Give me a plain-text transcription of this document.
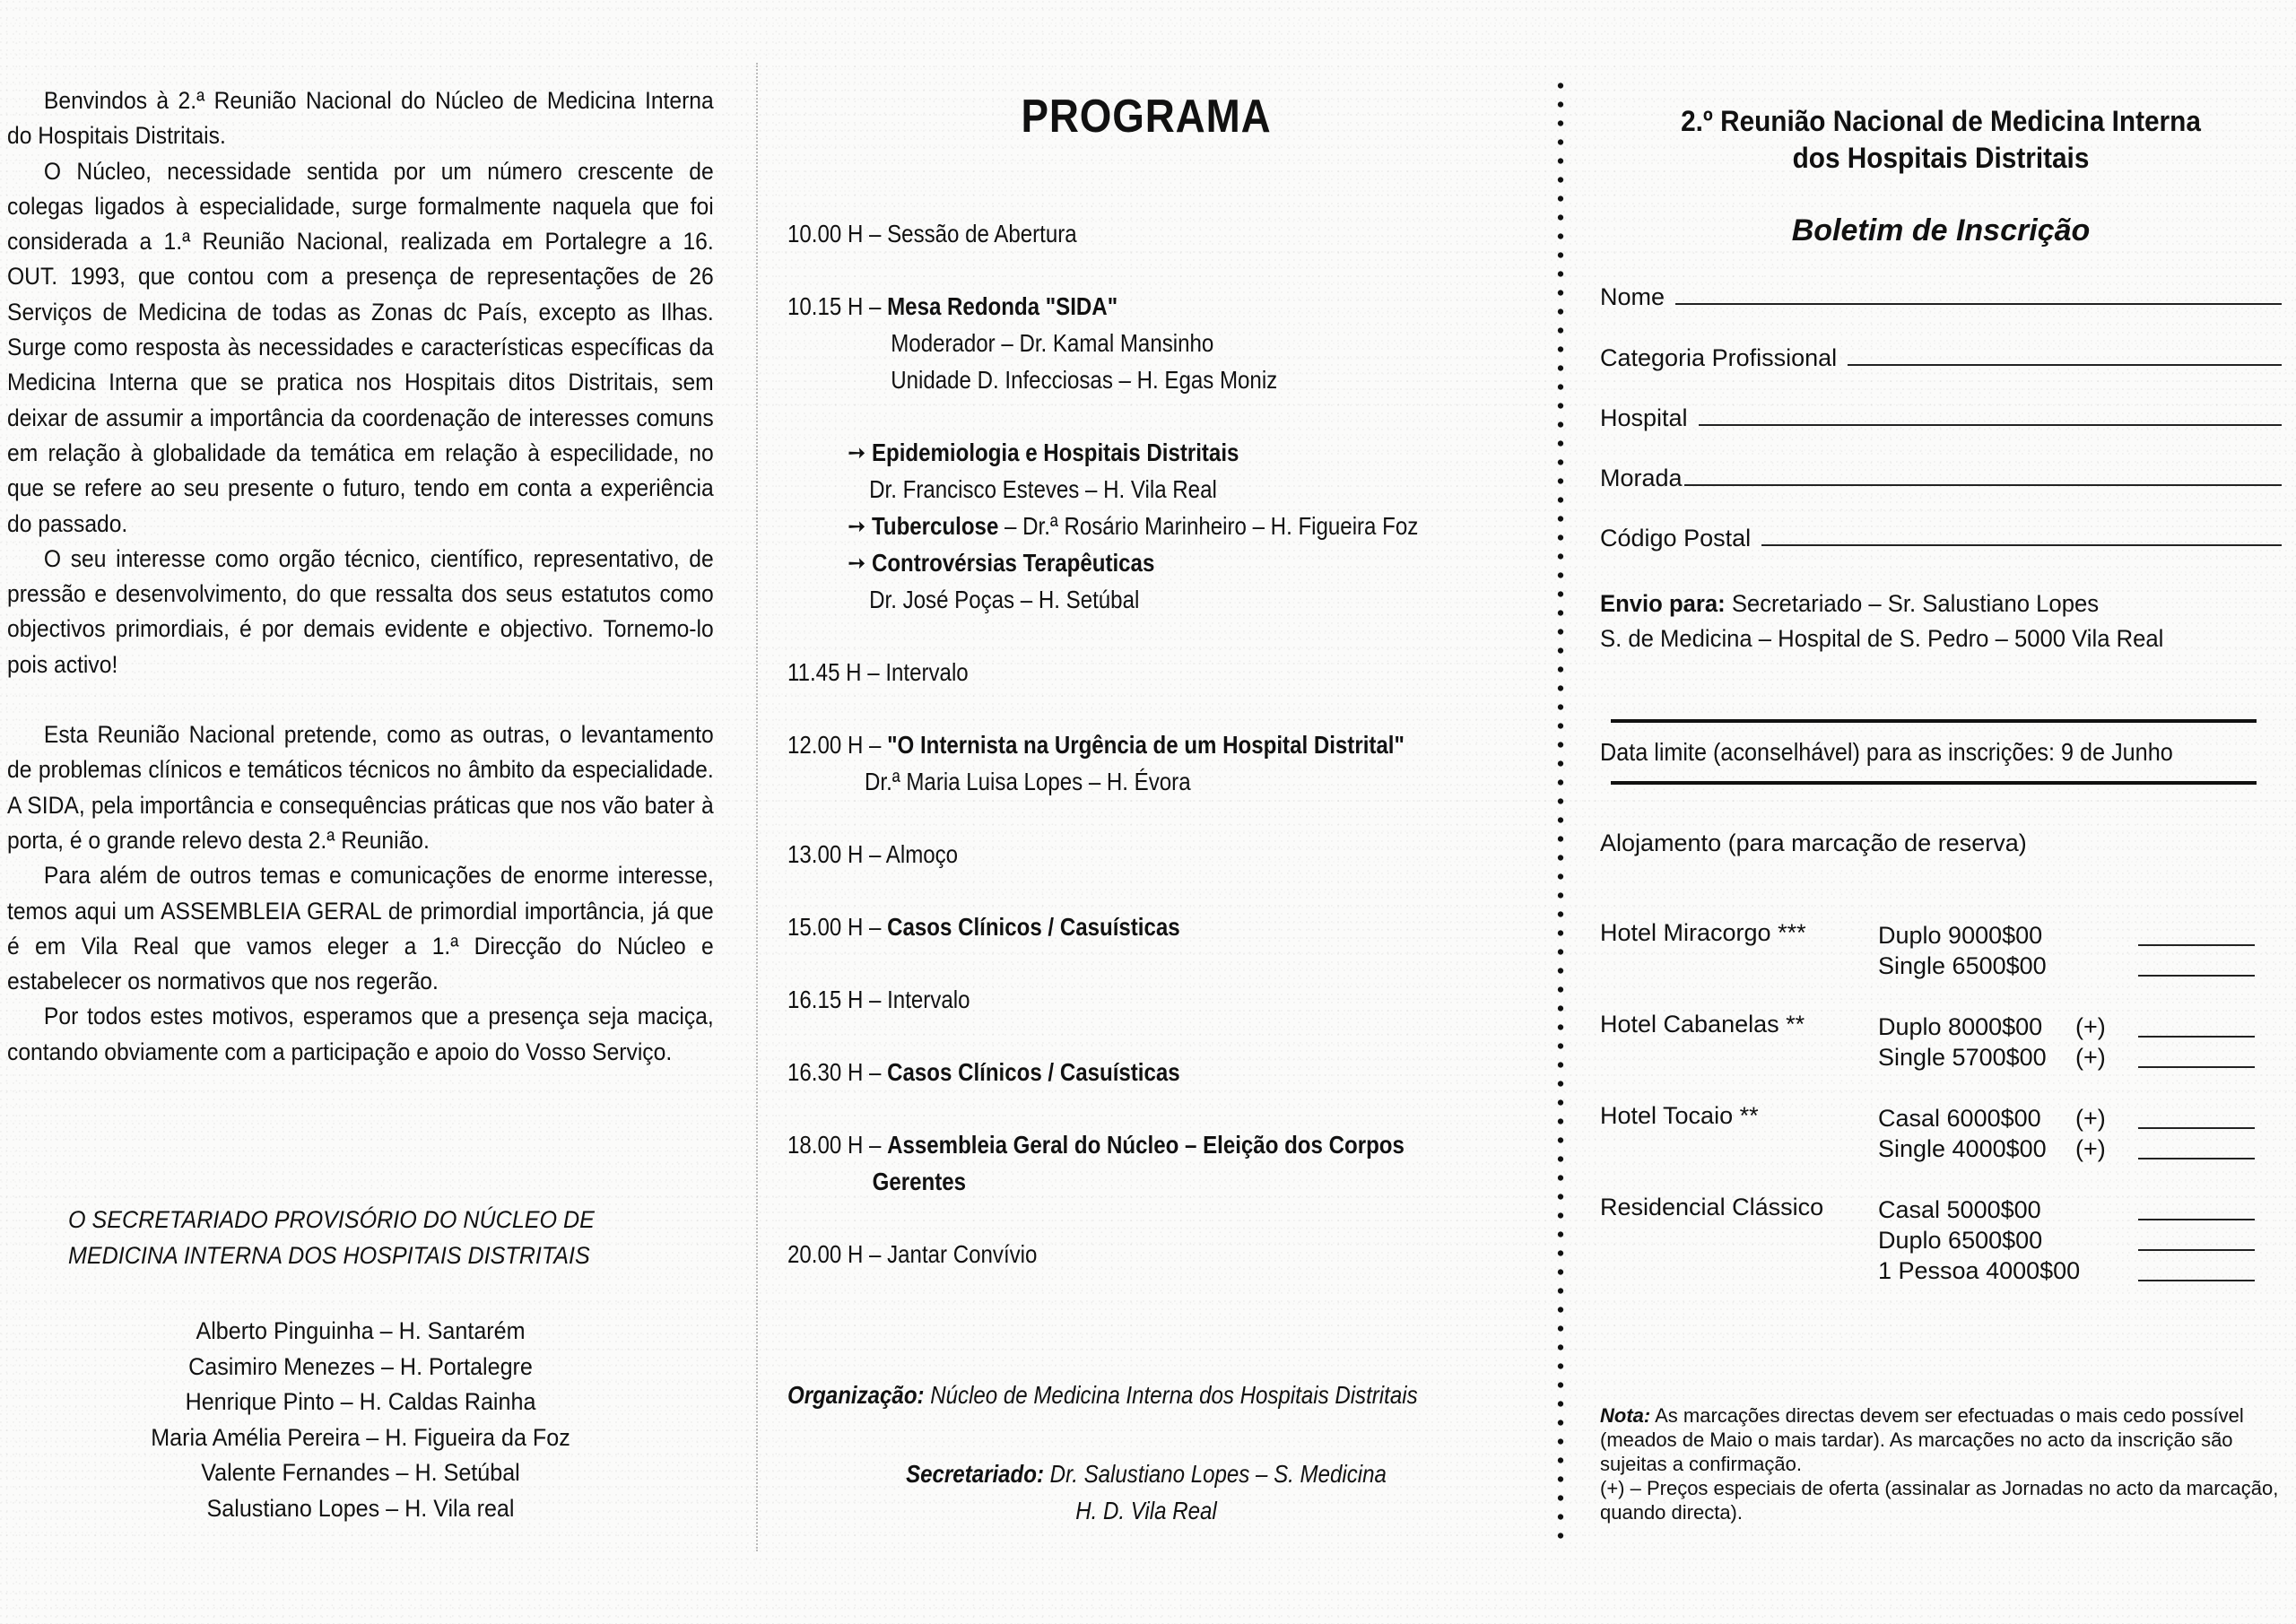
Benvindos à 2.ª Reunião Nacional do Núcleo de Medicina Interna do Hospitais Distritais.

O Núcleo, necessidade sentida por um número crescente de colegas ligados à especialidade, surge formalmente naquela que foi considerada a 1.ª Reunião Nacional, realizada em Portalegre a 16. OUT. 1993, que contou com a presença de representações de 26 Serviços de Medicina de todas as Zonas dc País, excepto as Ilhas. Surge como resposta às necessidades e características específicas da Medicina Interna que se pratica nos Hospitais ditos Distritais, sem deixar de assumir a importância da coordenação de interesses comuns em relação à globalidade da temática em relação à especilidade, no que se refere ao seu presente o futuro, tendo em conta a experiência do passado.

O seu interesse como orgão técnico, científico, representativo, de pressão e desenvolvimento, do que ressalta dos seus estatutos como objectivos primordiais, é por demais evidente e objectivo. Tornemo-lo pois activo!

Esta Reunião Nacional pretende, como as outras, o levantamento de problemas clínicos e temáticos técnicos no âmbito da especialidade. A SIDA, pela importância e consequências práticas que nos vão bater à porta, é o grande relevo desta 2.ª Reunião.

Para além de outros temas e comunicações de enorme interesse, temos aqui um ASSEMBLEIA GERAL de primordial importância, já que é em Vila Real que vamos eleger a 1.ª Direcção do Núcleo e estabelecer os normativos que nos regerão.

Por todos estes motivos, esperamos que a presença seja maciça, contando obviamente com a participação e apoio do Vosso Serviço.

O SECRETARIADO PROVISÓRIO DO NÚCLEO DE MEDICINA INTERNA DOS HOSPITAIS DISTRITAIS
Alberto Pinguinha – H. Santarém
Casimiro Menezes – H. Portalegre
Henrique Pinto – H. Caldas Rainha
Maria Amélia Pereira – H. Figueira da Foz
Valente Fernandes – H. Setúbal
Salustiano Lopes – H. Vila real
PROGRAMA
10.00 H – Sessão de Abertura
10.15 H – Mesa Redonda "SIDA"
Moderador – Dr. Kamal Mansinho
Unidade D. Infecciosas – H. Egas Moniz
➙ Epidemiologia e Hospitais Distritais
Dr. Francisco Esteves – H. Vila Real
➙ Tuberculose – Dr.ª Rosário Marinheiro – H. Figueira Foz
➙ Controvérsias Terapêuticas
Dr. José Poças – H. Setúbal
11.45 H – Intervalo
12.00 H – "O Internista na Urgência de um Hospital Distrital"
Dr.ª Maria Luisa Lopes – H. Évora
13.00 H – Almoço
15.00 H – Casos Clínicos / Casuísticas
16.15 H – Intervalo
16.30 H – Casos Clínicos / Casuísticas
18.00 H – Assembleia Geral do Núcleo – Eleição dos Corpos
Gerentes
20.00 H – Jantar Convívio
Organização: Núcleo de Medicina Interna dos Hospitais Distritais
Secretariado: Dr. Salustiano Lopes – S. Medicina
H. D. Vila Real
2.º Reunião Nacional de Medicina Interna
dos Hospitais Distritais
Boletim de Inscrição
Nome
Categoria Profissional
Hospital
Morada
Código Postal
Envio para: Secretariado – Sr. Salustiano Lopes
S. de Medicina – Hospital de S. Pedro – 5000 Vila Real
Data limite (aconselhável) para as inscrições: 9 de Junho
Alojamento (para marcação de reserva)
Hotel Miracorgo ***	Duplo 9000$00
Single 6500$00
Hotel Cabanelas **	Duplo 8000$00	(+)
Single 5700$00	(+)
Hotel Tocaio **	Casal 6000$00	(+)
Single 4000$00	(+)
Residencial Clássico Casal 5000$00
Duplo 6500$00
1 Pessoa 4000$00
Nota: As marcações directas devem ser efectuadas o mais cedo possível (meados de Maio o mais tardar). As marcações no acto da inscrição são sujeitas a confirmação.
(+) – Preços especiais de oferta (assinalar as Jornadas no acto da marcação, quando directa).
